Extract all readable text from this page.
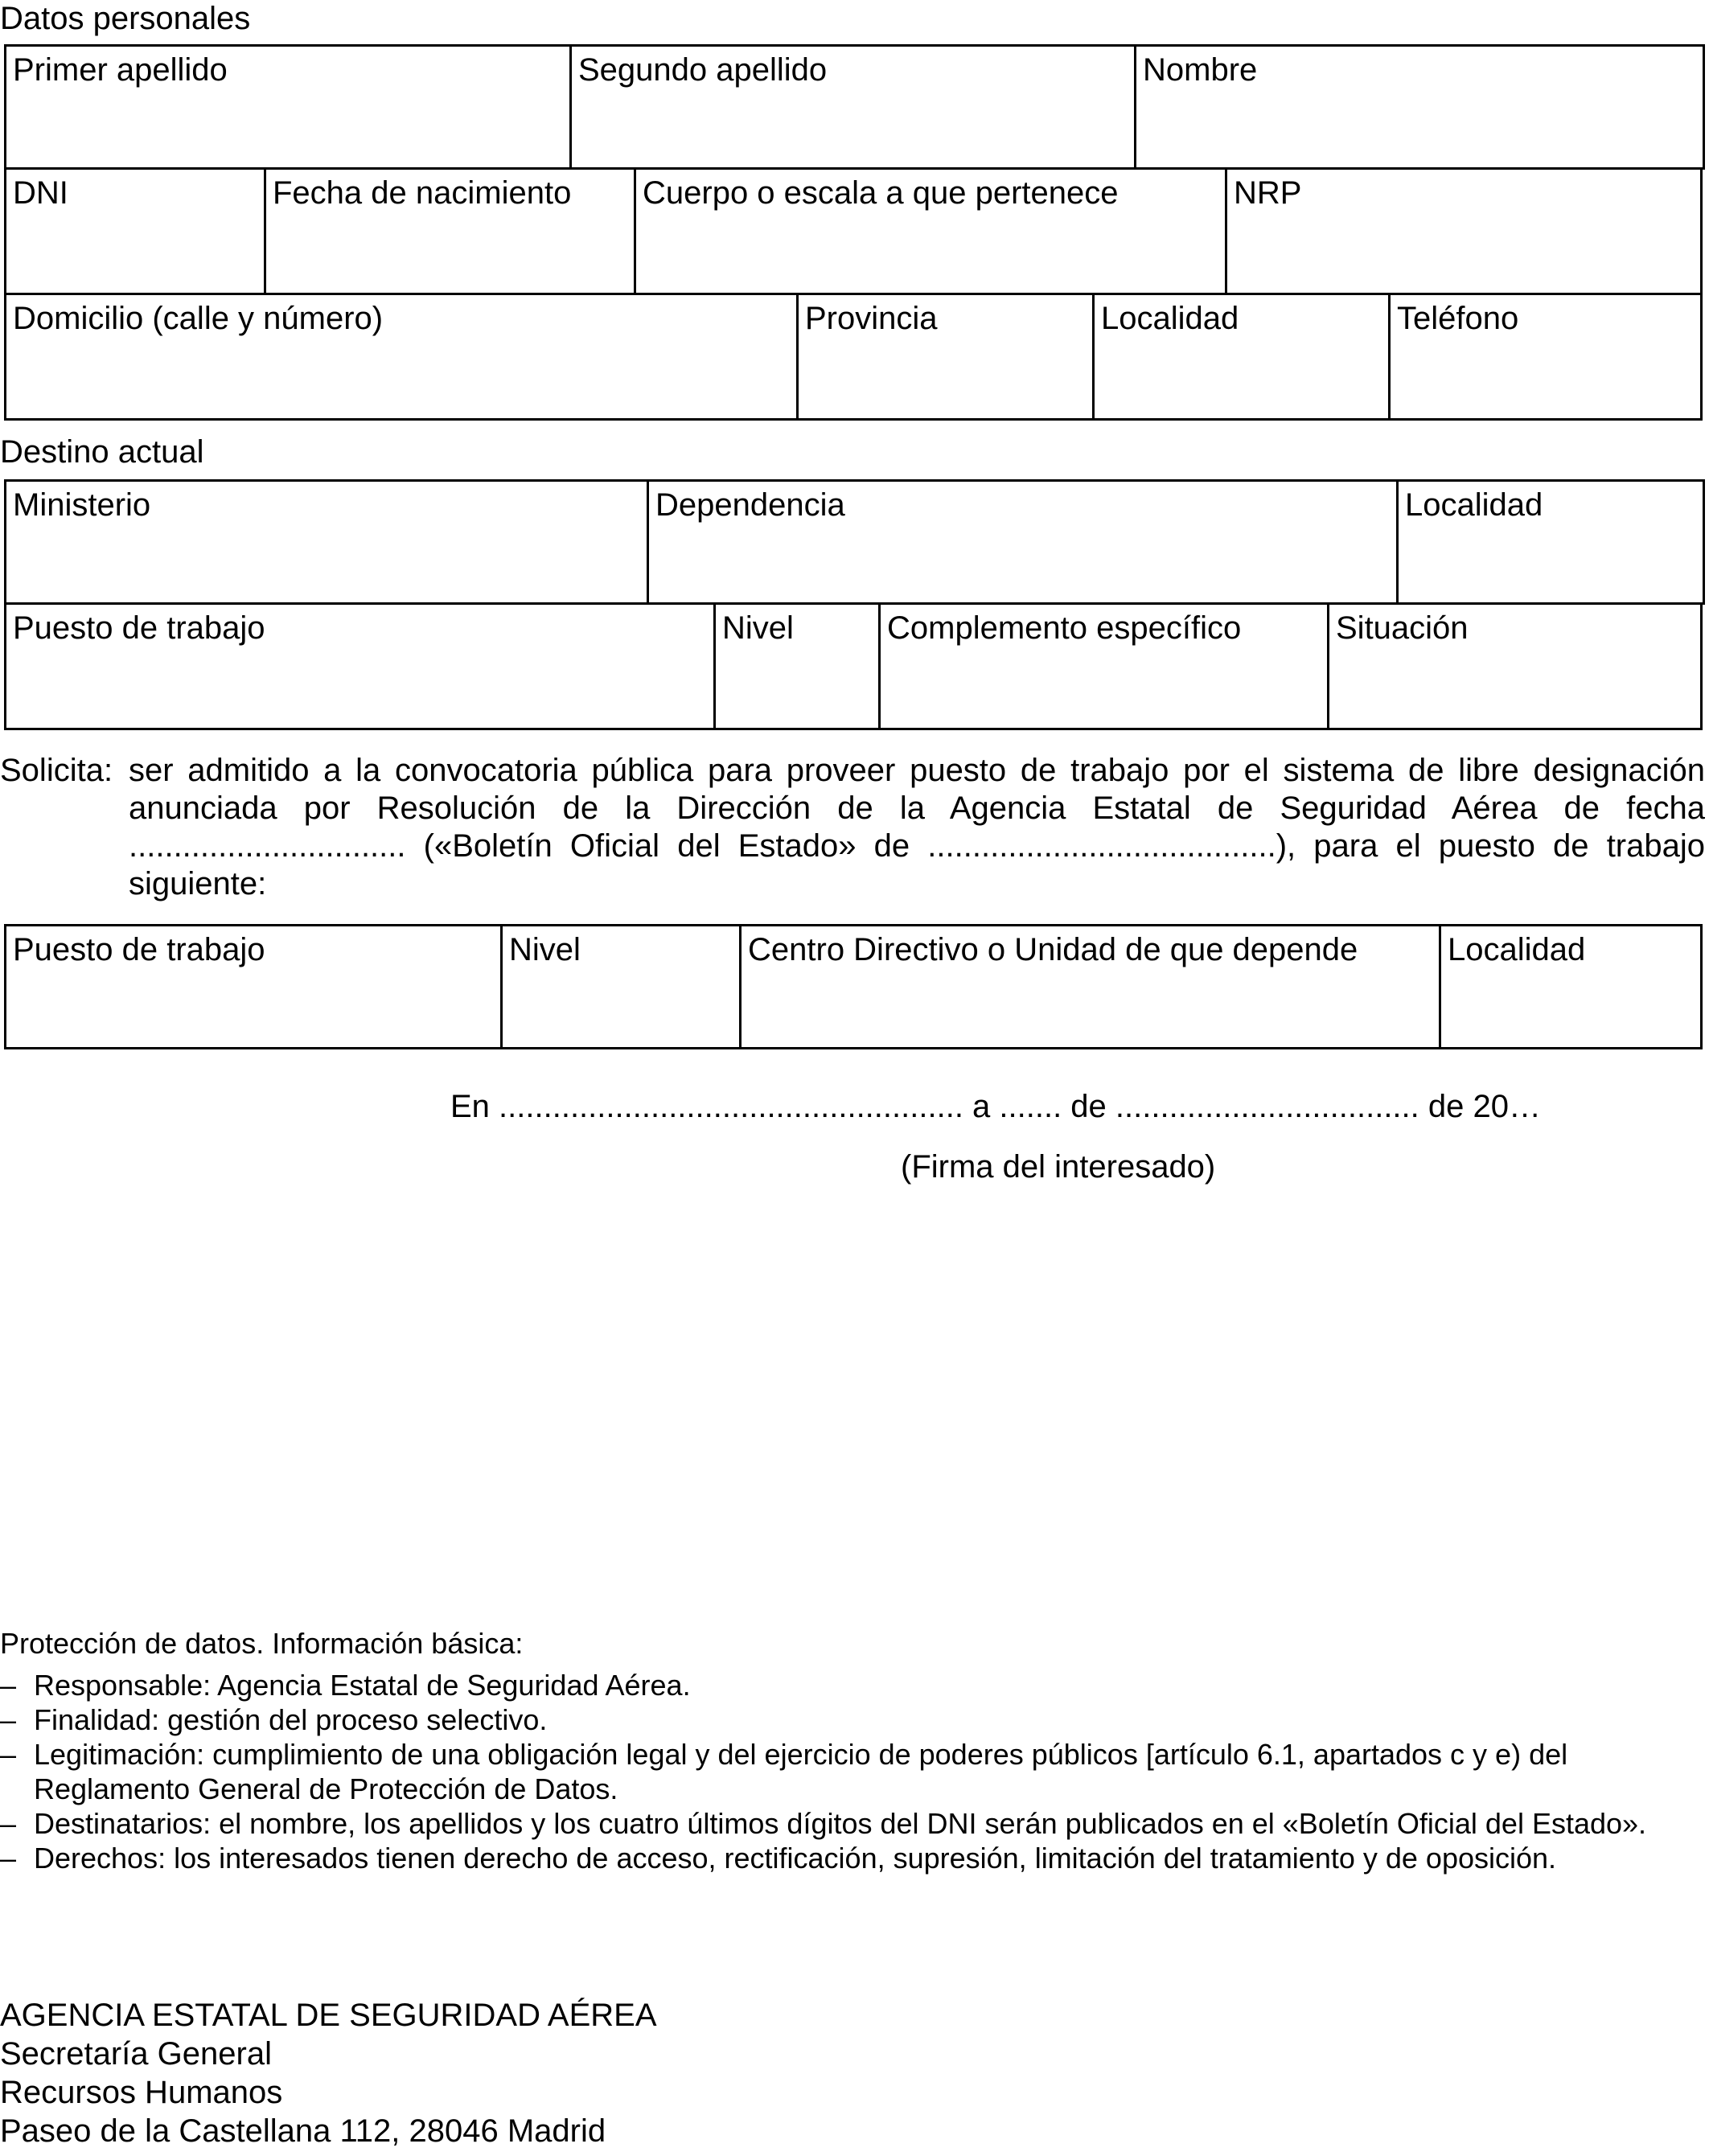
Datos personales
Primer apellido	Segundo apellido	Nombre
DNI	Fecha de nacimiento	Cuerpo o escala a que pertenece	NRP
Domicilio (calle y número)	Provincia	Localidad	Teléfono
Destino actual
Ministerio	Dependencia	Localidad
Puesto de trabajo	Nivel	Complemento específico	Situación
Solicita: ser admitido a la convocatoria pública para proveer puesto de trabajo por el sistema de libre designación anunciada por Resolución de la Dirección de la Agencia Estatal de Seguridad Aérea de fecha ............................... («Boletín Oficial del Estado» de .......................................), para el puesto de trabajo siguiente:
Puesto de trabajo	Nivel	Centro Directivo o Unidad de que depende	Localidad
En .................................................... a ....... de .................................. de 20…
(Firma del interesado)
Protección de datos. Información básica:
– Responsable: Agencia Estatal de Seguridad Aérea.
– Finalidad: gestión del proceso selectivo.
– Legitimación: cumplimiento de una obligación legal y del ejercicio de poderes públicos [artículo 6.1, apartados c y e) del Reglamento General de Protección de Datos.
– Destinatarios: el nombre, los apellidos y los cuatro últimos dígitos del DNI serán publicados en el «Boletín Oficial del Estado».
– Derechos: los interesados tienen derecho de acceso, rectificación, supresión, limitación del tratamiento y de oposición.
AGENCIA ESTATAL DE SEGURIDAD AÉREA
Secretaría General
Recursos Humanos
Paseo de la Castellana 112, 28046 Madrid
